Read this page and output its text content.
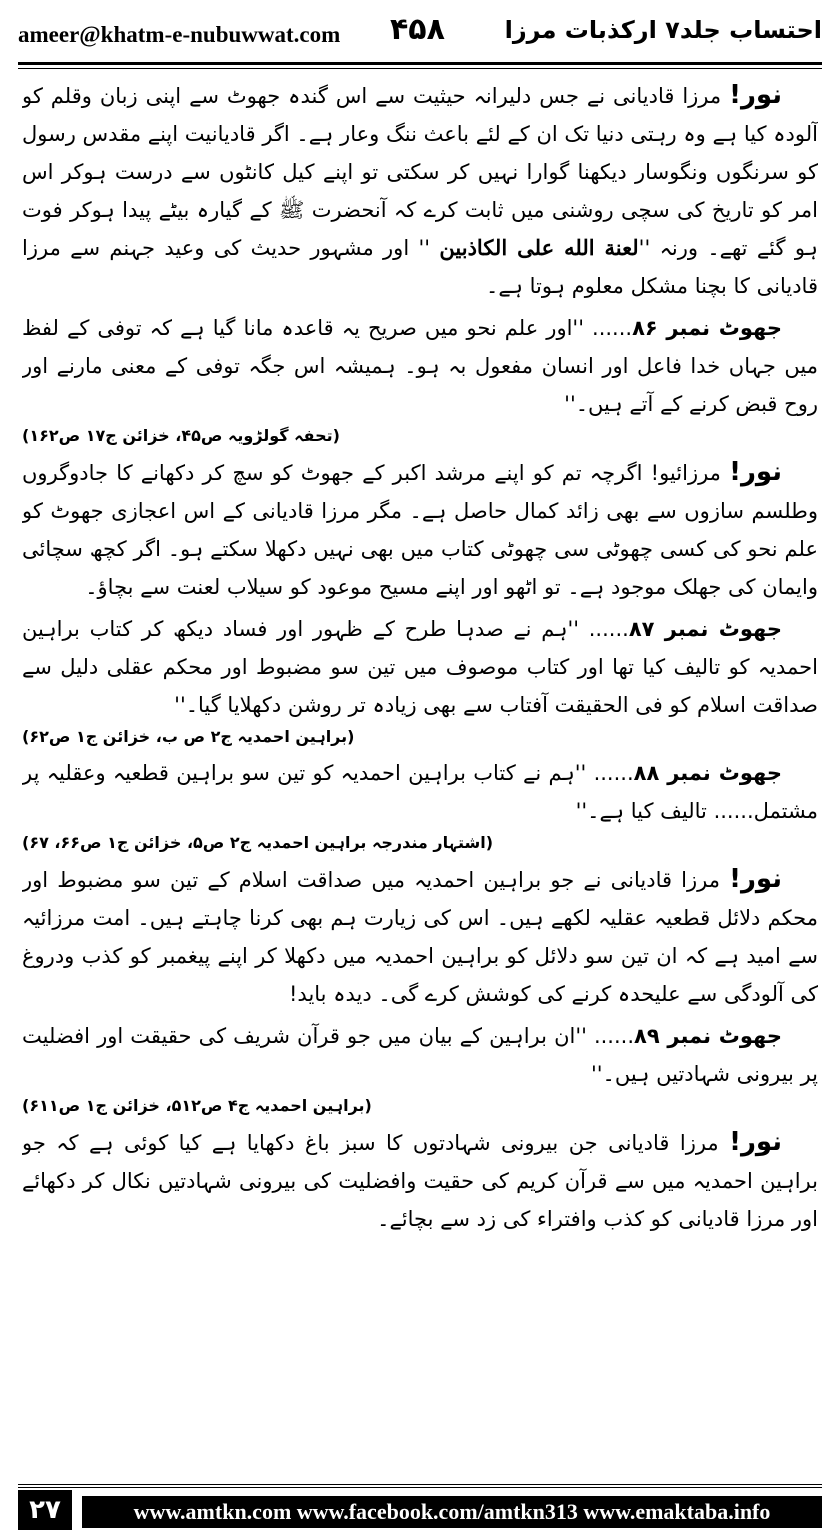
ameer@khatm-e-nubuwwat.com ۴۵۸ احتساب جلد۷ ارکذبات مرزا

نور! مرزا قادیانی نے جس دلیرانہ حیثیت سے اس گندہ جھوٹ سے اپنی زبان وقلم کو آلودہ کیا ہے وہ رہتی دنیا تک ان کے لئے باعث ننگ وعار ہے۔ اگر قادیانیت اپنے مقدس رسول کو سرنگوں ونگوسار دیکھنا گوارا نہیں کر سکتی تو اپنے کیل کانٹوں سے درست ہوکر اس امر کو تاریخ کی سچی روشنی میں ثابت کرے کہ آنحضرت ﷺ کے گیارہ بیٹے پیدا ہوکر فوت ہو گئے تھے۔ ورنہ ''لعنة الله علی الکاذبین '' اور مشہور حدیث کی وعید جہنم سے مرزا قادیانی کا بچنا مشکل معلوم ہوتا ہے۔

جھوٹ نمبر ۸۶...... ''اور علم نحو میں صریح یہ قاعدہ مانا گیا ہے کہ توفی کے لفظ میں جہاں خدا فاعل اور انسان مفعول بہ ہو۔ ہمیشہ اس جگہ توفی کے معنی مارنے اور روح قبض کرنے کے آتے ہیں۔''
(تحفہ گولڑویہ ص۴۵، خزائن ج۱۷ ص۱۶۲)

نور! مرزائیو! اگرچہ تم کو اپنے مرشد اکبر کے جھوٹ کو سچ کر دکھانے کا جادوگروں وطلسم سازوں سے بھی زائد کمال حاصل ہے۔ مگر مرزا قادیانی کے اس اعجازی جھوٹ کو علم نحو کی کسی چھوٹی سی چھوٹی کتاب میں بھی نہیں دکھلا سکتے ہو۔ اگر کچھ سچائی وایمان کی جھلک موجود ہے۔ تو اٹھو اور اپنے مسیح موعود کو سیلاب لعنت سے بچاؤ۔

جھوٹ نمبر ۸۷...... ''ہم نے صدہا طرح کے ظہور اور فساد دیکھ کر کتاب براہین احمدیہ کو تالیف کیا تھا اور کتاب موصوف میں تین سو مضبوط اور محکم عقلی دلیل سے صداقت اسلام کو فی الحقیقت آفتاب سے بھی زیادہ تر روشن دکھلایا گیا۔''
(براہین احمدیہ ج۲ ص ب، خزائن ج۱ ص۶۲)

جھوٹ نمبر ۸۸...... ''ہم نے کتاب براہین احمدیہ کو تین سو براہین قطعیہ وعقلیہ پر مشتمل...... تالیف کیا ہے۔''
(اشتہار مندرجہ براہین احمدیہ ج۲ ص۵، خزائن ج۱ ص۶۶، ۶۷)

نور! مرزا قادیانی نے جو براہین احمدیہ میں صداقت اسلام کے تین سو مضبوط اور محکم دلائل قطعیہ عقلیہ لکھے ہیں۔ اس کی زیارت ہم بھی کرنا چاہتے ہیں۔ امت مرزائیہ سے امید ہے کہ ان تین سو دلائل کو براہین احمدیہ میں دکھلا کر اپنے پیغمبر کو کذب ودروغ کی آلودگی سے علیحدہ کرنے کی کوشش کرے گی۔ دیدہ باید!

جھوٹ نمبر ۸۹...... ''ان براہین کے بیان میں جو قرآن شریف کی حقیقت اور افضلیت پر بیرونی شہادتیں ہیں۔''
(براہین احمدیہ ج۴ ص۵۱۲، خزائن ج۱ ص۶۱۱)

نور! مرزا قادیانی جن بیرونی شہادتوں کا سبز باغ دکھایا ہے کیا کوئی ہے کہ جو براہین احمدیہ میں سے قرآن کریم کی حقیت وافضلیت کی بیرونی شہادتیں نکال کر دکھائے اور مرزا قادیانی کو کذب وافتراء کی زد سے بچائے۔

۲۷	www.amtkn.com www.facebook.com/amtkn313 www.emaktaba.info
